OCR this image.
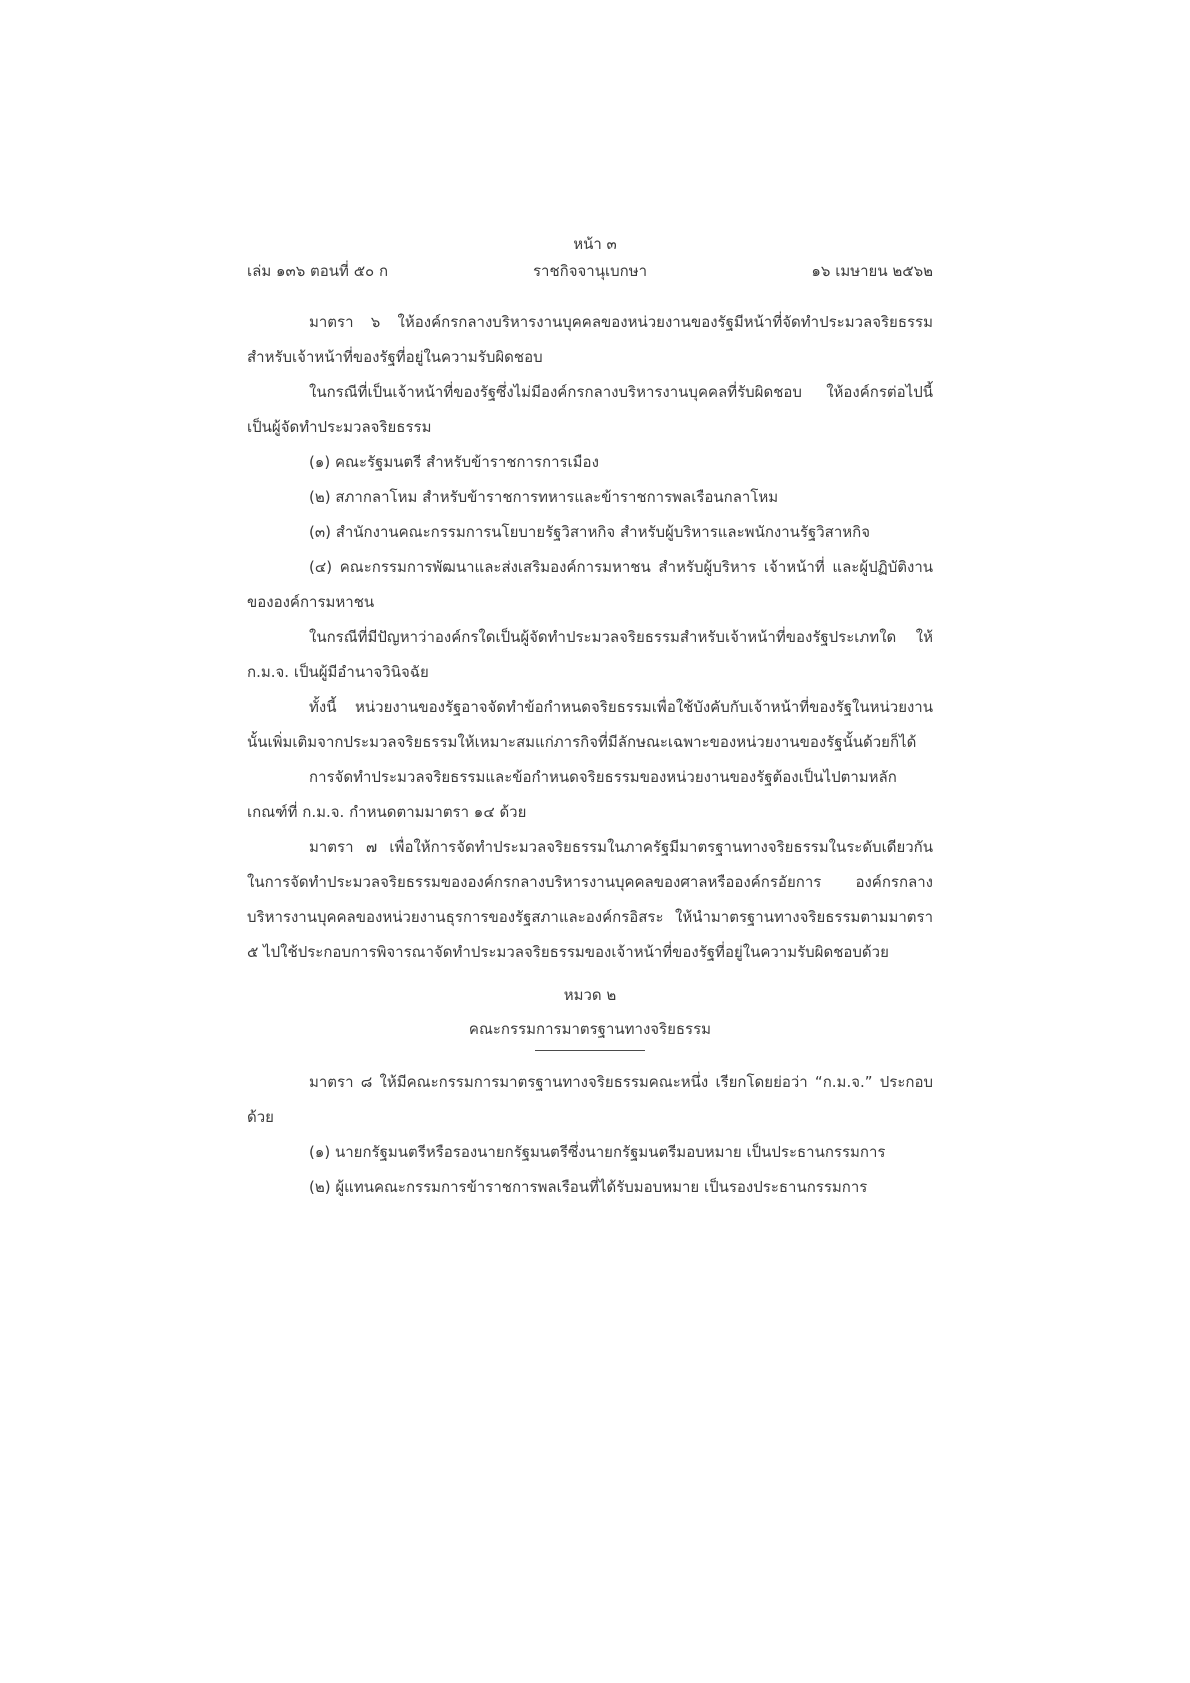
หน้า ๓
ราชกิจจานุเบกษา
เล่ม ๑๓๖ ตอนที่ ๕๐ ก	๑๖ เมษายน ๒๕๖๒

มาตรา ๖ ให้องค์กรกลางบริหารงานบุคคลของหน่วยงานของรัฐมีหน้าที่จัดทำประมวลจริยธรรมสำหรับเจ้าหน้าที่ของรัฐที่อยู่ในความรับผิดชอบ

ในกรณีที่เป็นเจ้าหน้าที่ของรัฐซึ่งไม่มีองค์กรกลางบริหารงานบุคคลที่รับผิดชอบ ให้องค์กรต่อไปนี้เป็นผู้จัดทำประมวลจริยธรรม

(๑) คณะรัฐมนตรี สำหรับข้าราชการการเมือง

(๒) สภากลาโหม สำหรับข้าราชการทหารและข้าราชการพลเรือนกลาโหม

(๓) สำนักงานคณะกรรมการนโยบายรัฐวิสาหกิจ สำหรับผู้บริหารและพนักงานรัฐวิสาหกิจ

(๔) คณะกรรมการพัฒนาและส่งเสริมองค์การมหาชน สำหรับผู้บริหาร เจ้าหน้าที่ และผู้ปฏิบัติงานขององค์การมหาชน

ในกรณีที่มีปัญหาว่าองค์กรใดเป็นผู้จัดทำประมวลจริยธรรมสำหรับเจ้าหน้าที่ของรัฐประเภทใด ให้ ก.ม.จ. เป็นผู้มีอำนาจวินิจฉัย

ทั้งนี้ หน่วยงานของรัฐอาจจัดทำข้อกำหนดจริยธรรมเพื่อใช้บังคับกับเจ้าหน้าที่ของรัฐในหน่วยงานนั้นเพิ่มเติมจากประมวลจริยธรรมให้เหมาะสมแก่ภารกิจที่มีลักษณะเฉพาะของหน่วยงานของรัฐนั้นด้วยก็ได้

การจัดทำประมวลจริยธรรมและข้อกำหนดจริยธรรมของหน่วยงานของรัฐต้องเป็นไปตามหลักเกณฑ์ที่ ก.ม.จ. กำหนดตามมาตรา ๑๔ ด้วย

มาตรา ๗ เพื่อให้การจัดทำประมวลจริยธรรมในภาครัฐมีมาตรฐานทางจริยธรรมในระดับเดียวกัน ในการจัดทำประมวลจริยธรรมขององค์กรกลางบริหารงานบุคคลของศาลหรือองค์กรอัยการ องค์กรกลางบริหารงานบุคคลของหน่วยงานธุรการของรัฐสภาและองค์กรอิสระ ให้นำมาตรฐานทางจริยธรรมตามมาตรา ๕ ไปใช้ประกอบการพิจารณาจัดทำประมวลจริยธรรมของเจ้าหน้าที่ของรัฐที่อยู่ในความรับผิดชอบด้วย

หมวด ๒

คณะกรรมการมาตรฐานทางจริยธรรม

มาตรา ๘ ให้มีคณะกรรมการมาตรฐานทางจริยธรรมคณะหนึ่ง เรียกโดยย่อว่า “ก.ม.จ.” ประกอบด้วย

(๑) นายกรัฐมนตรีหรือรองนายกรัฐมนตรีซึ่งนายกรัฐมนตรีมอบหมาย เป็นประธานกรรมการ

(๒) ผู้แทนคณะกรรมการข้าราชการพลเรือนที่ได้รับมอบหมาย เป็นรองประธานกรรมการ
